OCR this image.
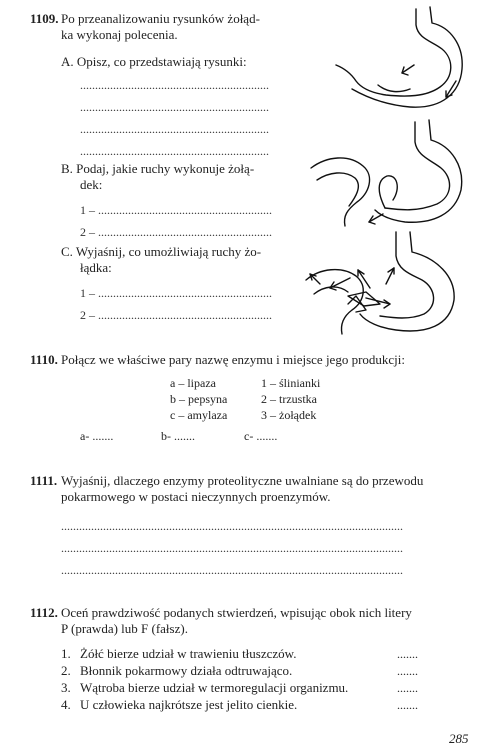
1109. Po przeanalizowaniu rysunków żołąd-
ka wykonaj polecenia.
A. Opisz, co przedstawiają rysunki:
...............................................................
...............................................................
...............................................................
...............................................................
B. Podaj, jakie ruchy wykonuje żołą-
dek:
1 – ..........................................................
2 – ..........................................................
C. Wyjaśnij, co umożliwiają ruchy żo-
łądka:
1 – ..........................................................
2 – ..........................................................
1110. Połącz we właściwe pary nazwę enzymu i miejsce jego produkcji:
a – lipaza
b – pepsyna
c – amylaza
1 – ślinianki
2 – trzustka
3 – żołądek
a- .......	b- .......	c- .......
1111. Wyjaśnij, dlaczego enzymy proteolityczne uwalniane są do przewodu
pokarmowego w postaci nieczynnych proenzymów.
..................................................................................................................
..................................................................................................................
..................................................................................................................
1112. Oceń prawdziwość podanych stwierdzeń, wpisując obok nich litery
P (prawda) lub F (fałsz).
1. Żółć bierze udział w trawieniu tłuszczów.	.......
2. Błonnik pokarmowy działa odtruwająco.	.......
3. Wątroba bierze udział w termoregulacji organizmu.	.......
4. U człowieka najkrótsze jest jelito cienkie.	.......
285
